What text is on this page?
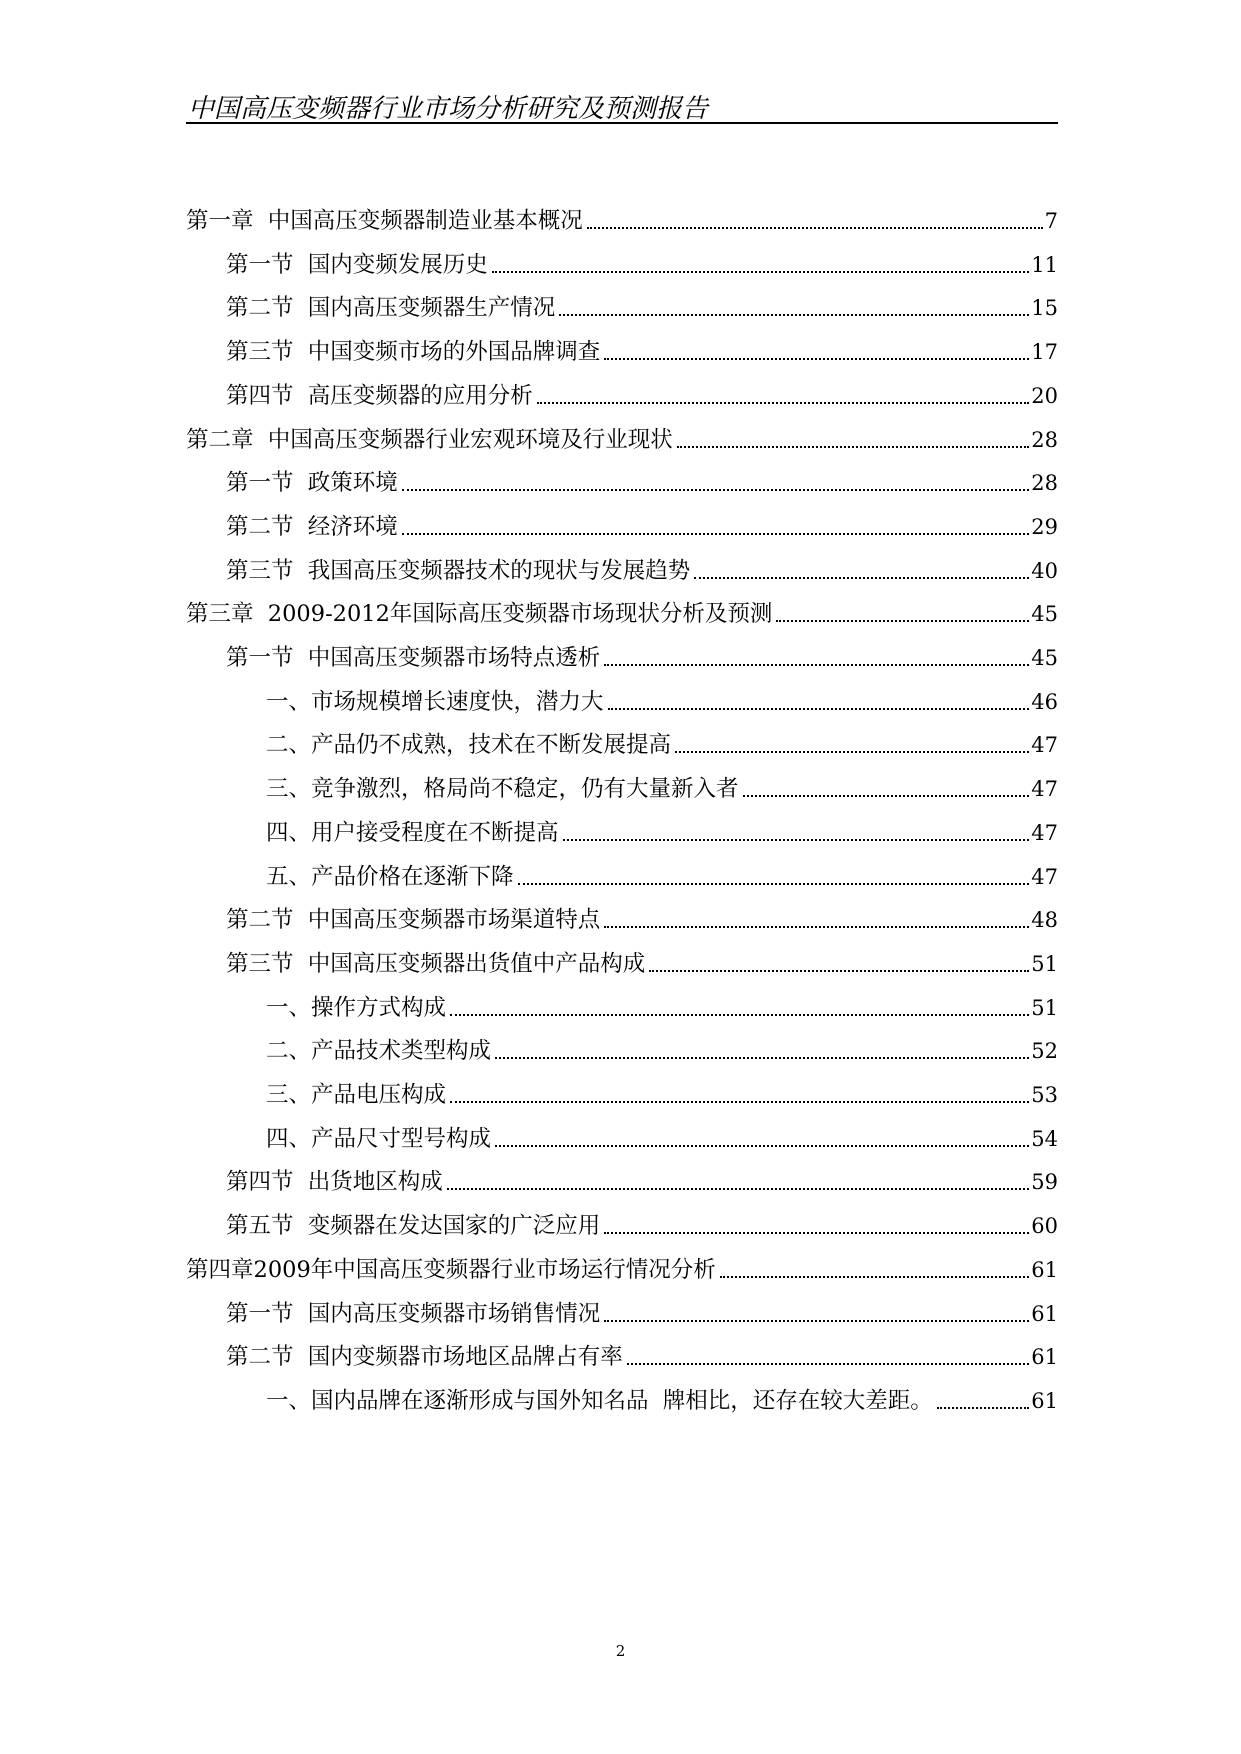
中国高压变频器行业市场分析研究及预测报告
第一章  中国高压变频器制造业基本概况	7
第一节  国内变频发展历史	11
第二节  国内高压变频器生产情况	15
第三节  中国变频市场的外国品牌调查	17
第四节  高压变频器的应用分析	20
第二章  中国高压变频器行业宏观环境及行业现状	28
第一节  政策环境	28
第二节  经济环境	29
第三节  我国高压变频器技术的现状与发展趋势	40
第三章  2009-2012年国际高压变频器市场现状分析及预测	45
第一节  中国高压变频器市场特点透析	45
一、市场规模增长速度快，潜力大	46
二、产品仍不成熟，技术在不断发展提高	47
三、竞争激烈，格局尚不稳定，仍有大量新入者	47
四、用户接受程度在不断提高	47
五、产品价格在逐渐下降	47
第二节  中国高压变频器市场渠道特点	48
第三节  中国高压变频器出货值中产品构成	51
一、操作方式构成	51
二、产品技术类型构成	52
三、产品电压构成	53
四、产品尺寸型号构成	54
第四节  出货地区构成	59
第五节  变频器在发达国家的广泛应用	60
第四章2009年中国高压变频器行业市场运行情况分析	61
第一节  国内高压变频器市场销售情况	61
第二节  国内变频器市场地区品牌占有率	61
一、国内品牌在逐渐形成与国外知名品  牌相比，还存在较大差距。	61
2
